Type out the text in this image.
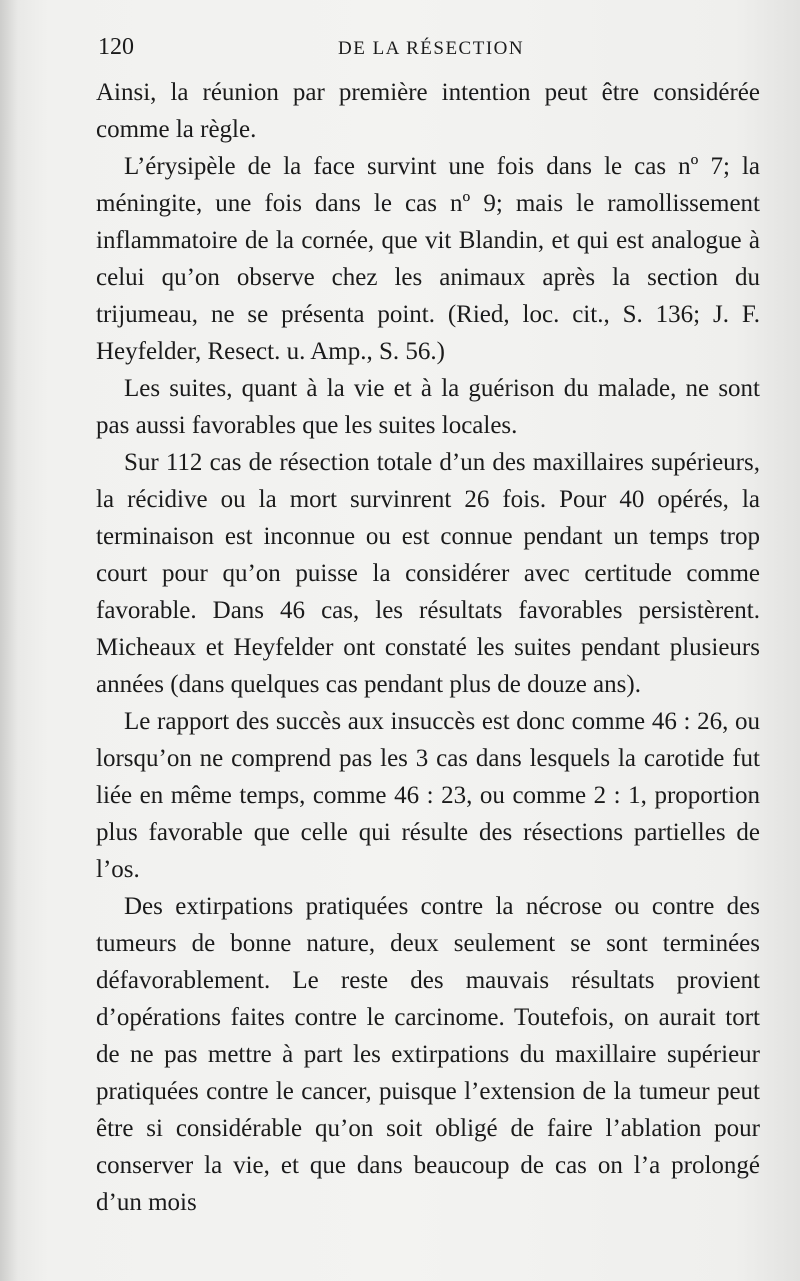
120	DE LA RÉSECTION

Ainsi, la réunion par première intention peut être considérée comme la règle.

L’érysipèle de la face survint une fois dans le cas nº 7; la méningite, une fois dans le cas nº 9; mais le ramollissement inflammatoire de la cornée, que vit Blandin, et qui est analogue à celui qu’on observe chez les animaux après la section du trijumeau, ne se présenta point. (Ried, loc. cit., S. 136; J. F. Heyfelder, Resect. u. Amp., S. 56.)

Les suites, quant à la vie et à la guérison du malade, ne sont pas aussi favorables que les suites locales.

Sur 112 cas de résection totale d’un des maxillaires supérieurs, la récidive ou la mort survinrent 26 fois. Pour 40 opérés, la terminaison est inconnue ou est connue pendant un temps trop court pour qu’on puisse la considérer avec certitude comme favorable. Dans 46 cas, les résultats favorables persistèrent. Micheaux et Heyfelder ont constaté les suites pendant plusieurs années (dans quelques cas pendant plus de douze ans).

Le rapport des succès aux insuccès est donc comme 46 : 26, ou lorsqu’on ne comprend pas les 3 cas dans lesquels la carotide fut liée en même temps, comme 46 : 23, ou comme 2 : 1, proportion plus favorable que celle qui résulte des résections partielles de l’os.

Des extirpations pratiquées contre la nécrose ou contre des tumeurs de bonne nature, deux seulement se sont terminées défavorablement. Le reste des mauvais résultats provient d’opérations faites contre le carcinome. Toutefois, on aurait tort de ne pas mettre à part les extirpations du maxillaire supérieur pratiquées contre le cancer, puisque l’extension de la tumeur peut être si considérable qu’on soit obligé de faire l’ablation pour conserver la vie, et que dans beaucoup de cas on l’a prolongé d’un mois
